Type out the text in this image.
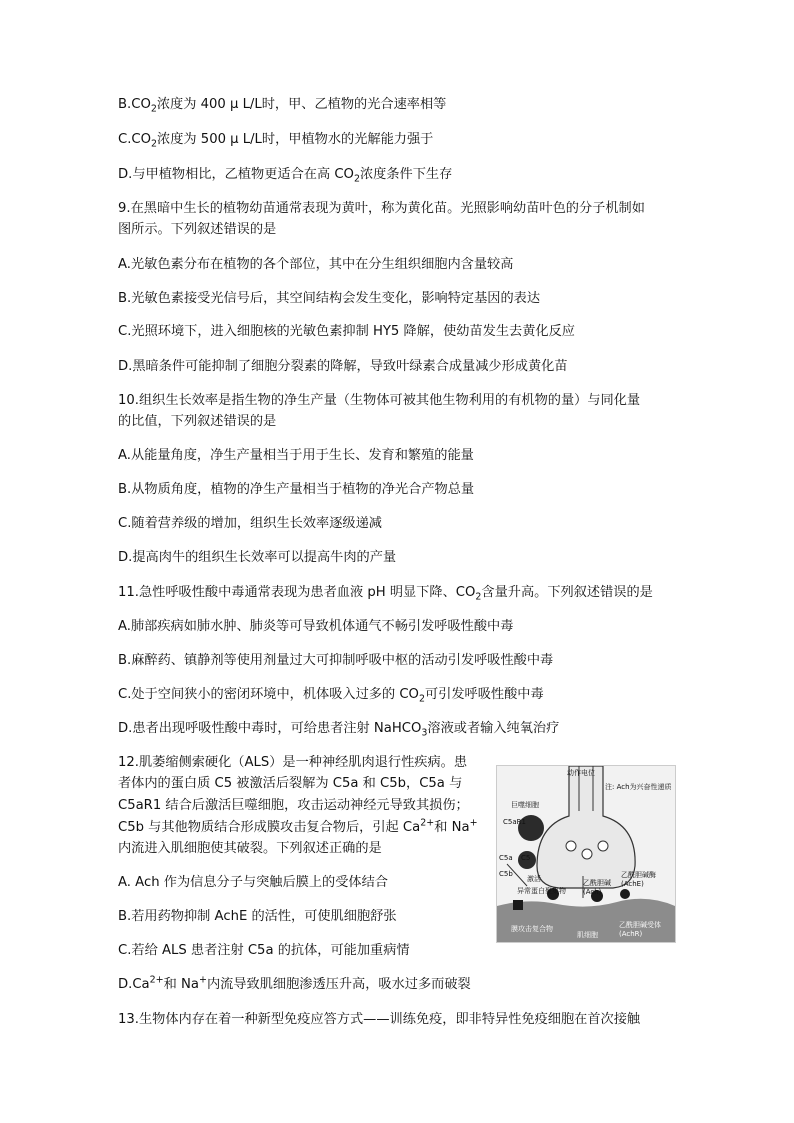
$B.CO_2$浓度为 400 μ L/L时，甲、乙植物的光合速率相等
$C.CO_2$浓度为 500 μ L/L时，甲植物水的光解能力强于
D.与甲植物相比，乙植物更适合在高 $CO_2$浓度条件下生存
9.在黑暗中生长的植物幼苗通常表现为黄叶，称为黄化苗。光照影响幼苗叶色的分子机制如
图所示。下列叙述错误的是
A.光敏色素分布在植物的各个部位，其中在分生组织细胞内含量较高
B.光敏色素接受光信号后，其空间结构会发生变化，影响特定基因的表达
C.光照环境下，进入细胞核的光敏色素抑制 HY5 降解，使幼苗发生去黄化反应
D.黑暗条件可能抑制了细胞分裂素的降解，导致叶绿素合成量减少形成黄化苗
10.组织生长效率是指生物的净生产量（生物体可被其他生物利用的有机物的量）与同化量
的比值，下列叙述错误的是
A.从能量角度，净生产量相当于用于生长、发育和繁殖的能量
B.从物质角度，植物的净生产量相当于植物的净光合产物总量
C.随着营养级的增加，组织生长效率逐级递减
D.提高肉牛的组织生长效率可以提高牛肉的产量
11.急性呼吸性酸中毒通常表现为患者血液 pH 明显下降、$CO_2$含量升高。下列叙述错误的是
A.肺部疾病如肺水肿、肺炎等可导致机体通气不畅引发呼吸性酸中毒
B.麻醉药、镇静剂等使用剂量过大可抑制呼吸中枢的活动引发呼吸性酸中毒
C.处于空间狭小的密闭环境中，机体吸入过多的 $CO_2$可引发呼吸性酸中毒
D.患者出现呼吸性酸中毒时，可给患者注射 NaHCO$_3$溶液或者输入纯氧治疗
12.肌萎缩侧索硬化（ALS）是一种神经肌肉退行性疾病。患
者体内的蛋白质 C5 被激活后裂解为 C5a 和 C5b，C5a 与
C5aR1 结合后激活巨噬细胞，攻击运动神经元导致其损伤；
C5b 与其他物质结合形成膜攻击复合物后，引起 $Ca^{2+}$和 Na+
内流进入肌细胞使其破裂。下列叙述正确的是
A. Ach 作为信息分子与突触后膜上的受体结合
B.若用药物抑制 AchE 的活性，可使肌细胞舒张
C.若给 ALS 患者注射 C5a 的抗体，可能加重病情
$D.Ca^{2+}$和 Na+内流导致肌细胞渗透压升高，吸水过多而破裂
13.生物体内存在着一种新型免疫应答方式——训练免疫，即非特异性免疫细胞在首次接触
动作电位
注: Ach为兴奋性递质
巨噬细胞
C5aR1
C5a C5
C5b
激活
异常蛋白聚集物
乙酰胆碱
(Ach)
乙酰胆碱酶
(AchE)
膜攻击复合物
肌细胞
乙酰胆碱受体
(AchR)
